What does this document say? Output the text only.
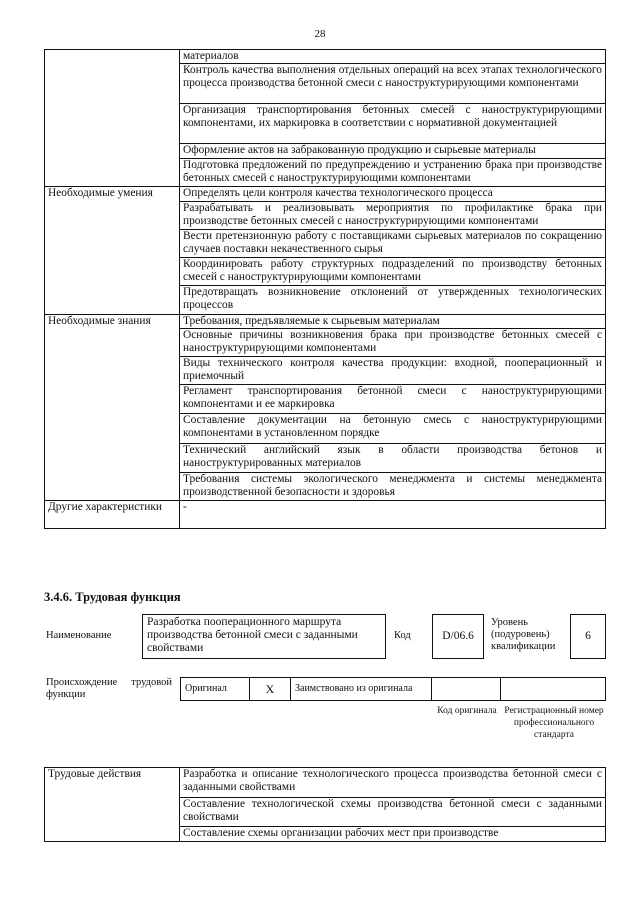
28
	материалов
	Контроль качества выполнения отдельных операций на всех этапах технологического процесса производства бетонной смеси с наноструктурирующими компонентами
	Организация транспортирования бетонных смесей с наноструктурирующими компонентами, их маркировка в соответствии с нормативной документацией
	Оформление актов на забракованную продукцию и сырьевые материалы
	Подготовка предложений по предупреждению и устранению брака при производстве бетонных смесей с наноструктурирующими компонентами
Необходимые умения	Определять цели контроля качества технологического процесса
	Разрабатывать и реализовывать мероприятия по профилактике брака при производстве бетонных смесей с наноструктурирующими компонентами
	Вести претензионную работу с поставщиками сырьевых материалов по сокращению случаев поставки некачественного сырья
	Координировать работу структурных подразделений по производству бетонных смесей с наноструктурирующими компонентами
	Предотвращать возникновение отклонений от утвержденных технологических процессов
Необходимые знания	Требования, предъявляемые к сырьевым материалам
	Основные причины возникновения брака при производстве бетонных смесей с наноструктурирующими компонентами
	Виды технического контроля качества продукции: входной, пооперационный и приемочный
	Регламент транспортирования бетонной смеси с наноструктурирующими компонентами и ее маркировка
	Составление документации на бетонную смесь с наноструктурирующими компонентами в установленном порядке
	Технический английский язык в области производства бетонов и наноструктурированных материалов
	Требования системы экологического менеджмента и системы менеджмента производственной безопасности и здоровья
Другие характеристики	-
3.4.6. Трудовая функция
Наименование
Разработка пооперационного маршрута производства бетонной смеси с заданными свойствами
Код	D/06.6
Уровень (подуровень) квалификации
6
Происхождение трудовой функции
Оригинал	X	Заимствовано из оригинала
Код оригинала Регистрационный номер профессионального стандарта
Трудовые действия	Разработка и описание технологического процесса производства бетонной смеси с заданными свойствами
Составление технологической схемы производства бетонной смеси с заданными свойствами
Составление схемы организации рабочих мест при производстве
